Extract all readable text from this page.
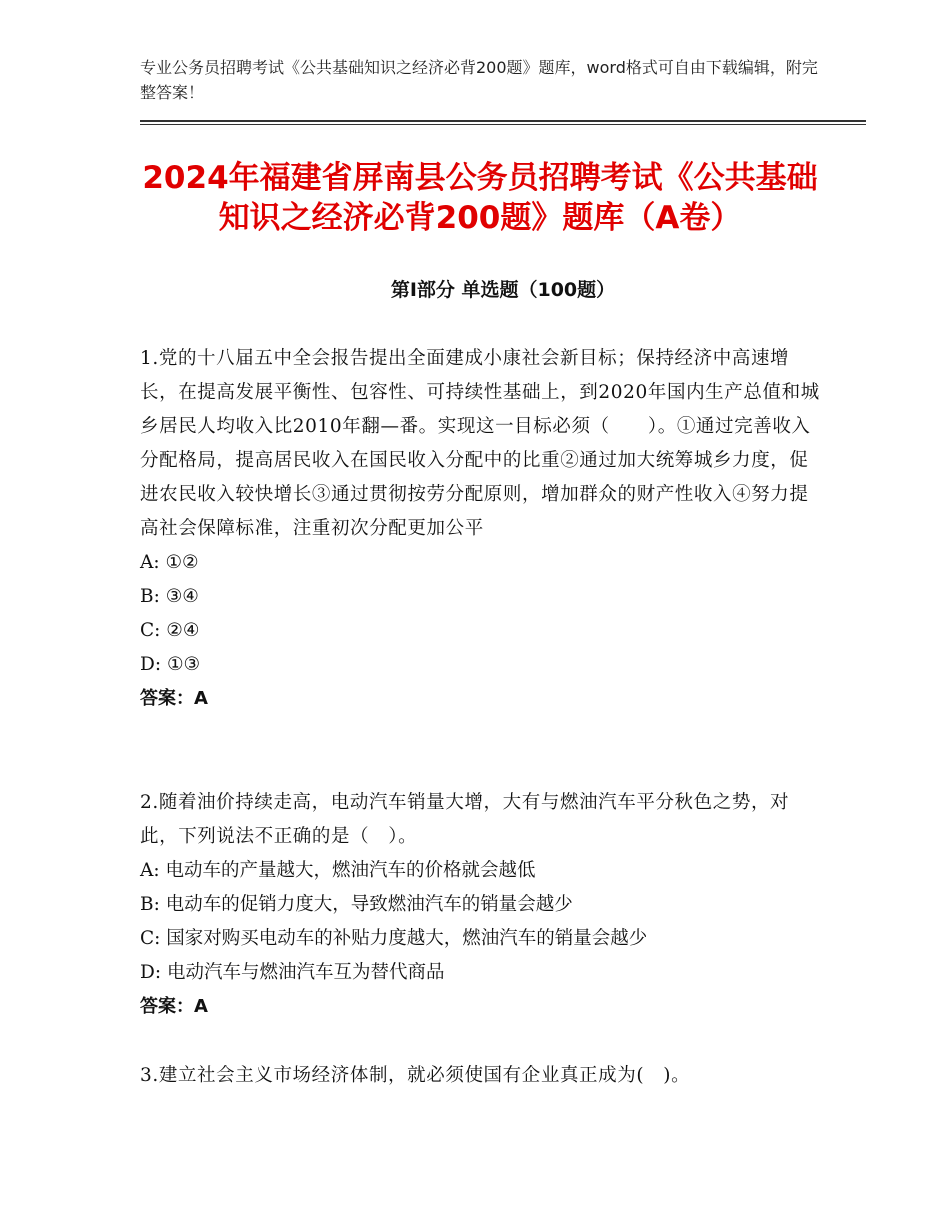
专业公务员招聘考试《公共基础知识之经济必背200题》题库，word格式可自由下载编辑，附完整答案！
2024年福建省屏南县公务员招聘考试《公共基础知识之经济必背200题》题库（A卷）
第Ⅰ部分 单选题（100题）
1.党的十八届五中全会报告提出全面建成小康社会新目标；保持经济中高速增长，在提高发展平衡性、包容性、可持续性基础上，到2020年国内生产总值和城乡居民人均收入比2010年翻—番。实现这一目标必须（　　）。①通过完善收入分配格局，提高居民收入在国民收入分配中的比重②通过加大统筹城乡力度，促进农民收入较快增长③通过贯彻按劳分配原则，增加群众的财产性收入④努力提高社会保障标准，注重初次分配更加公平
A: ①②
B: ③④
C: ②④
D: ①③
答案：A
2.随着油价持续走高，电动汽车销量大增，大有与燃油汽车平分秋色之势，对此，下列说法不正确的是（　）。
A: 电动车的产量越大，燃油汽车的价格就会越低
B: 电动车的促销力度大，导致燃油汽车的销量会越少
C: 国家对购买电动车的补贴力度越大，燃油汽车的销量会越少
D: 电动汽车与燃油汽车互为替代商品
答案：A
3.建立社会主义市场经济体制，就必须使国有企业真正成为(　)。
